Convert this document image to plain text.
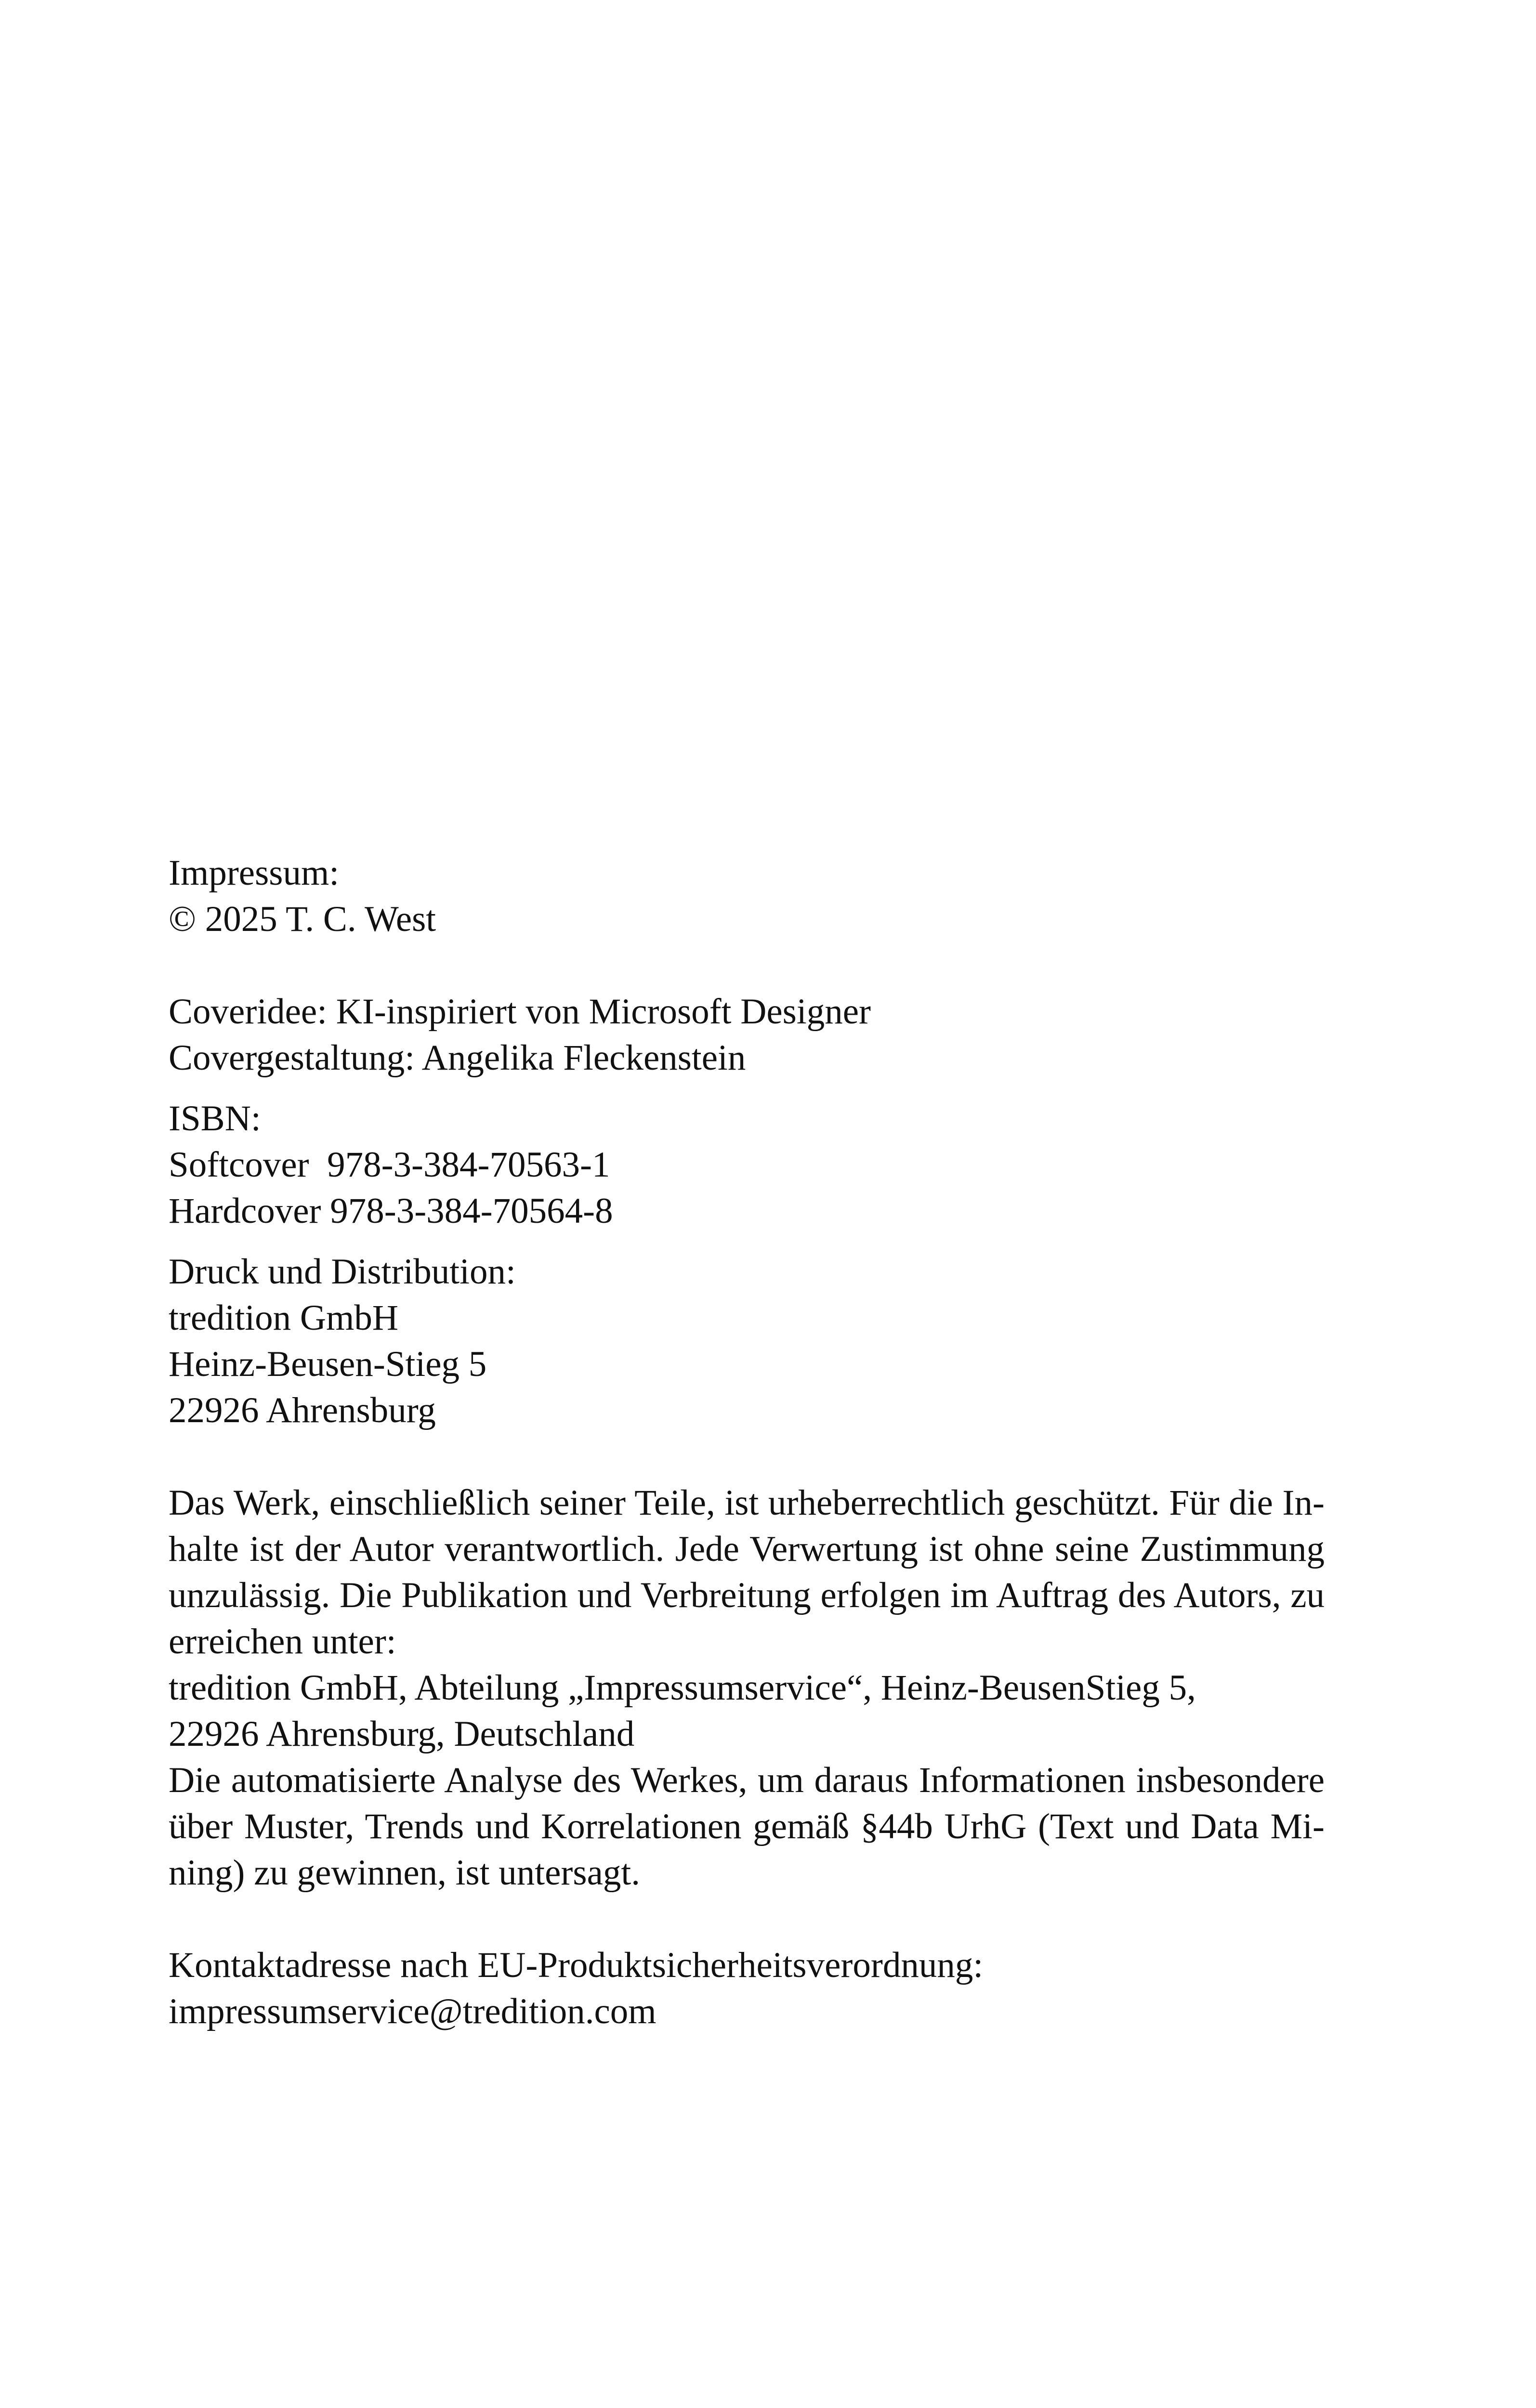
Impressum:
© 2025 T. C. West
Coveridee: KI-inspiriert von Microsoft Designer
Covergestaltung: Angelika Fleckenstein
ISBN:
Softcover  978-3-384-70563-1
Hardcover 978-3-384-70564-8
Druck und Distribution:
tredition GmbH
Heinz-Beusen-Stieg 5
22926 Ahrensburg
Das Werk, einschließlich seiner Teile, ist urheberrechtlich geschützt. Für die In-
halte ist der Autor verantwortlich. Jede Verwertung ist ohne seine Zustimmung
unzulässig. Die Publikation und Verbreitung erfolgen im Auftrag des Autors, zu
erreichen unter:
tredition GmbH, Abteilung „Impressumservice“, Heinz-BeusenStieg 5,
22926 Ahrensburg, Deutschland
Die automatisierte Analyse des Werkes, um daraus Informationen insbesondere
über Muster, Trends und Korrelationen gemäß §44b UrhG (Text und Data Mi-
ning) zu gewinnen, ist untersagt.
Kontaktadresse nach EU-Produktsicherheitsverordnung:
impressumservice@tredition.com
